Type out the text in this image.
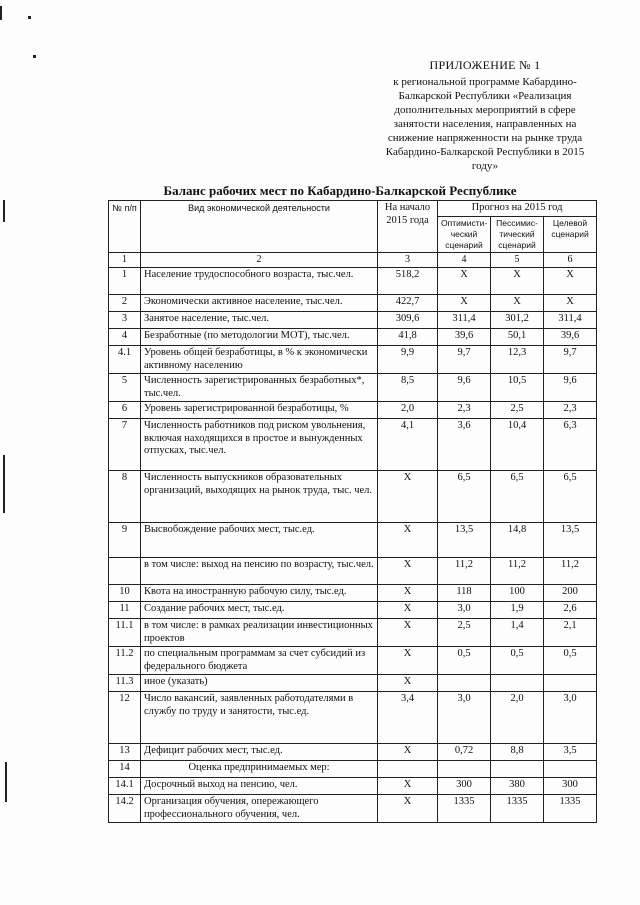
ПРИЛОЖЕНИЕ № 1
к региональной программе Кабардино-
Балкарской Республики «Реализация
дополнительных мероприятий в сфере
занятости населения, направленных на
снижение напряженности на рынке труда
Кабардино-Балкарской Республики в 2015
году»
Баланс рабочих мест по Кабардино-Балкарской Республике
№ п/п	Вид экономической деятельности	На начало 2015 года	Прогноз на 2015 год		
			Оптимисти-ческий сценарий	Пессимис-тический сценарий	Целевой сценарий
1	2	3	4	5	6
1	Население трудоспособного возраста, тыс.чел.	518,2	X	X	X
2	Экономически активное население, тыс.чел.	422,7	X	X	X
3	Занятое население, тыс.чел.	309,6	311,4	301,2	311,4
4	Безработные (по методологии МОТ), тыс.чел.	41,8	39,6	50,1	39,6
4.1	Уровень общей безработицы, в % к экономически активному населению	9,9	9,7	12,3	9,7
5	Численность зарегистрированных безработных*, тыс.чел.	8,5	9,6	10,5	9,6
6	Уровень зарегистрированной безработицы, %	2,0	2,3	2,5	2,3
7	Численность работников под риском увольнения, включая находящихся в простое и вынужденных отпусках, тыс.чел.	4,1	3,6	10,4	6,3
8	Численность выпускников образовательных организаций, выходящих на рынок труда, тыс. чел.	X	6,5	6,5	6,5
9	Высвобождение рабочих мест, тыс.ед.	X	13,5	14,8	13,5
	в том числе: выход на пенсию по возрасту, тыс.чел.	X	11,2	11,2	11,2
10	Квота на иностранную рабочую силу, тыс.ед.	X	118	100	200
11	Создание рабочих мест, тыс.ед.	X	3,0	1,9	2,6
11.1	в том числе: в рамках реализации инвестиционных проектов	X	2,5	1,4	2,1
11.2	по специальным программам за счет субсидий из федерального бюджета	X	0,5	0,5	0,5
11.3	иное (указать)	X			
12	Число вакансий, заявленных работодателями в службу по труду и занятости, тыс.ед.	3,4	3,0	2,0	3,0
13	Дефицит рабочих мест, тыс.ед.	X	0,72	8,8	3,5
14	Оценка предпринимаемых мер:				
14.1	Досрочный выход на пенсию, чел.	X	300	380	300
14.2	Организация обучения, опережающего профессионального обучения, чел.	X	1335	1335	1335
